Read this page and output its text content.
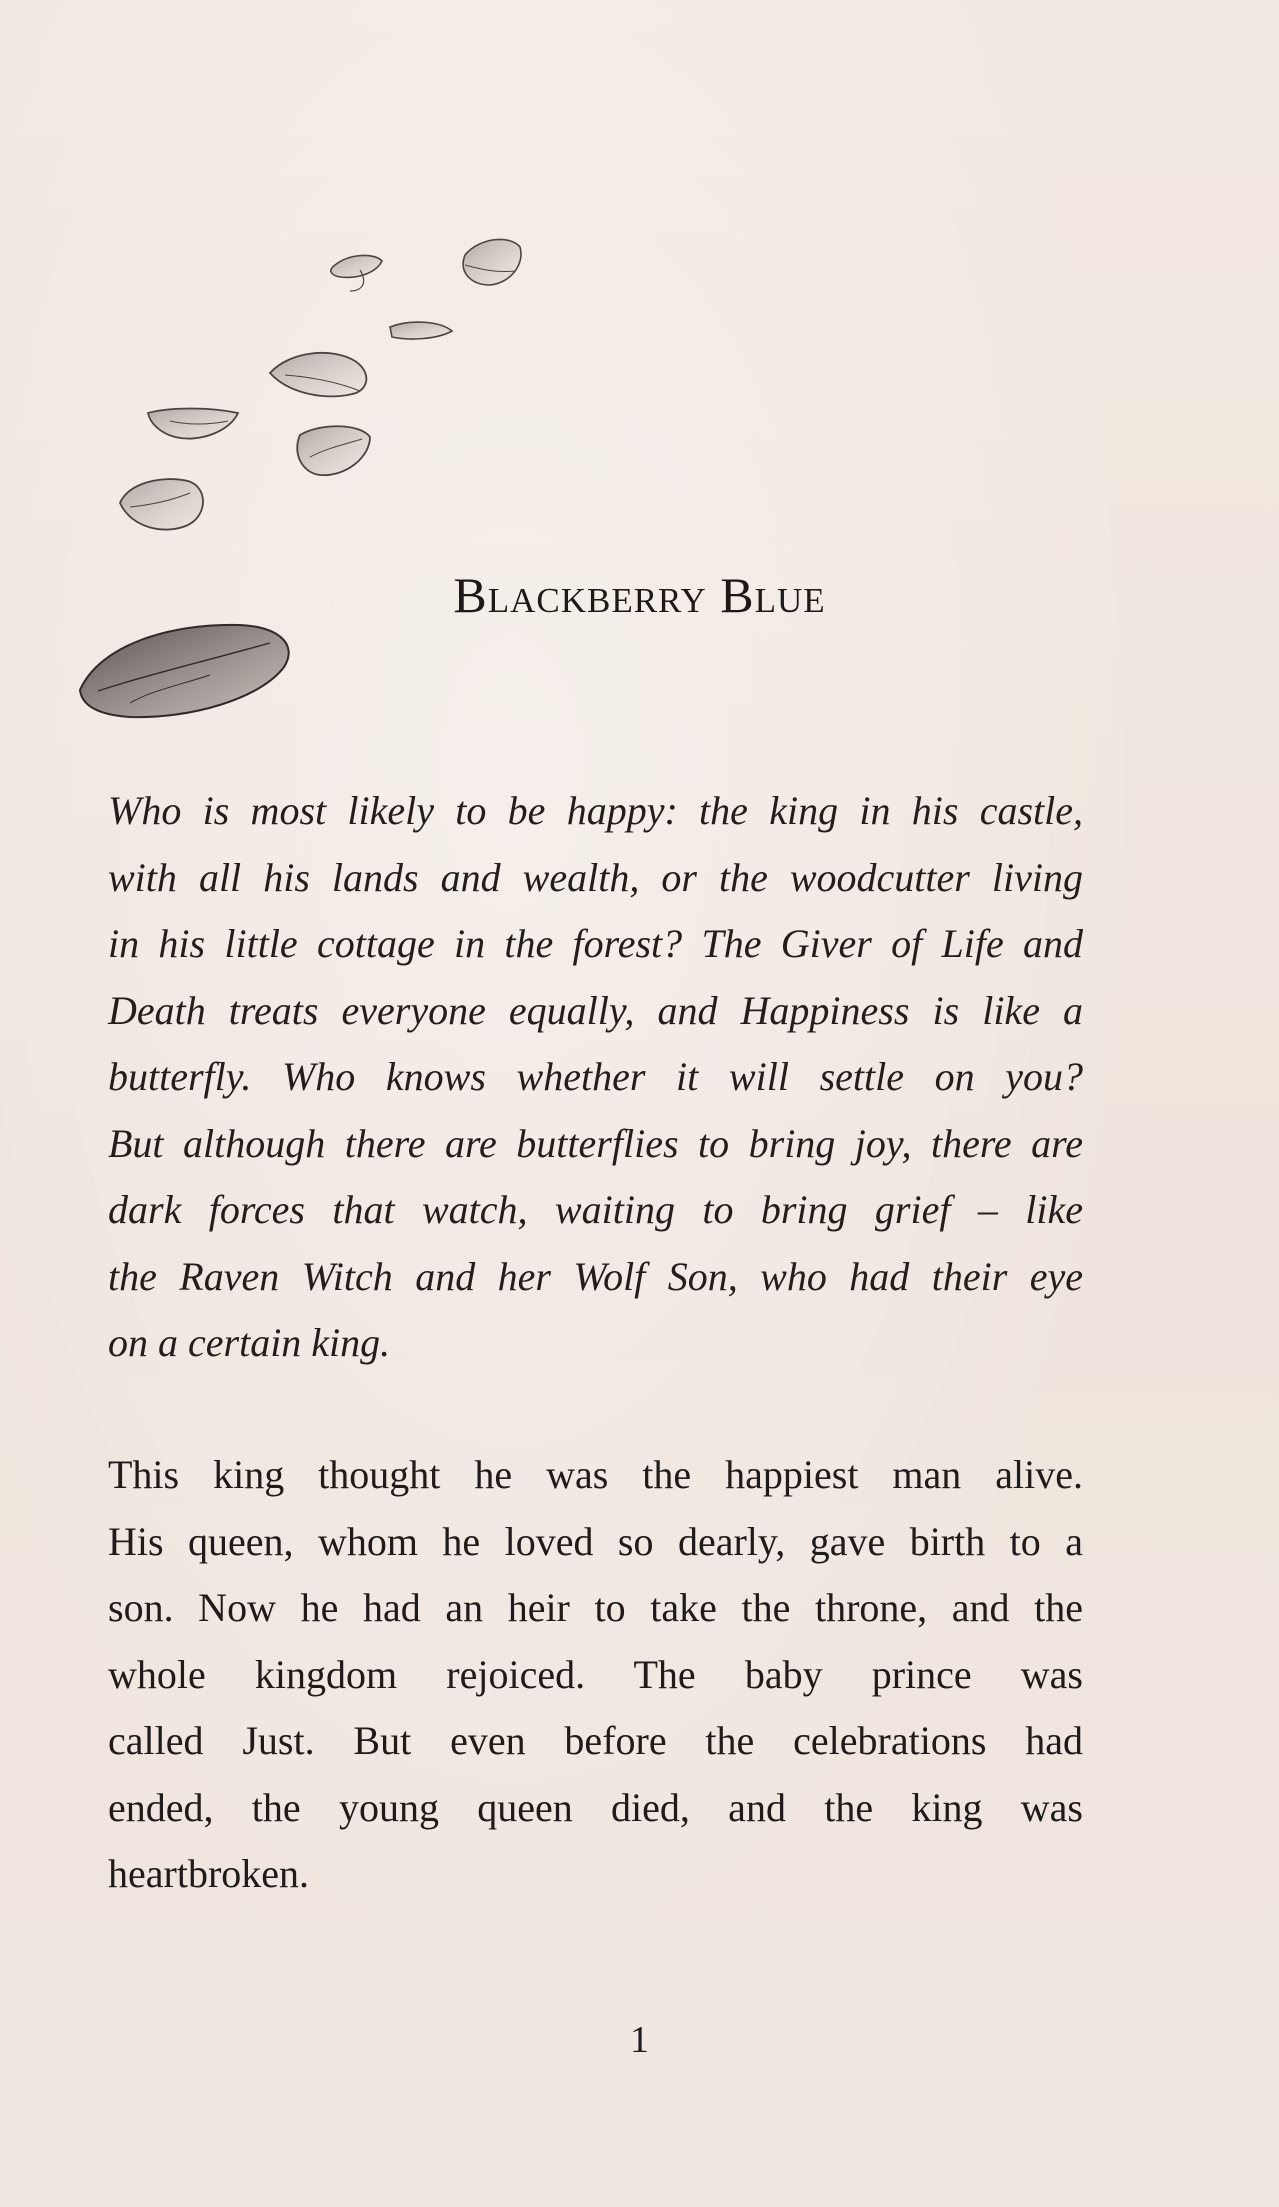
Blackberry Blue
Who is most likely to be happy: the king in his castle,
with all his lands and wealth, or the woodcutter living
in his little cottage in the forest? The Giver of Life and
Death treats everyone equally, and Happiness is like a
butterfly. Who knows whether it will settle on you?
But although there are butterflies to bring joy, there are
dark forces that watch, waiting to bring grief – like
the Raven Witch and her Wolf Son, who had their eye
on a certain king.
This king thought he was the happiest man alive.
His queen, whom he loved so dearly, gave birth to a
son. Now he had an heir to take the throne, and the
whole kingdom rejoiced. The baby prince was
called Just. But even before the celebrations had
ended, the young queen died, and the king was
heartbroken.
1
